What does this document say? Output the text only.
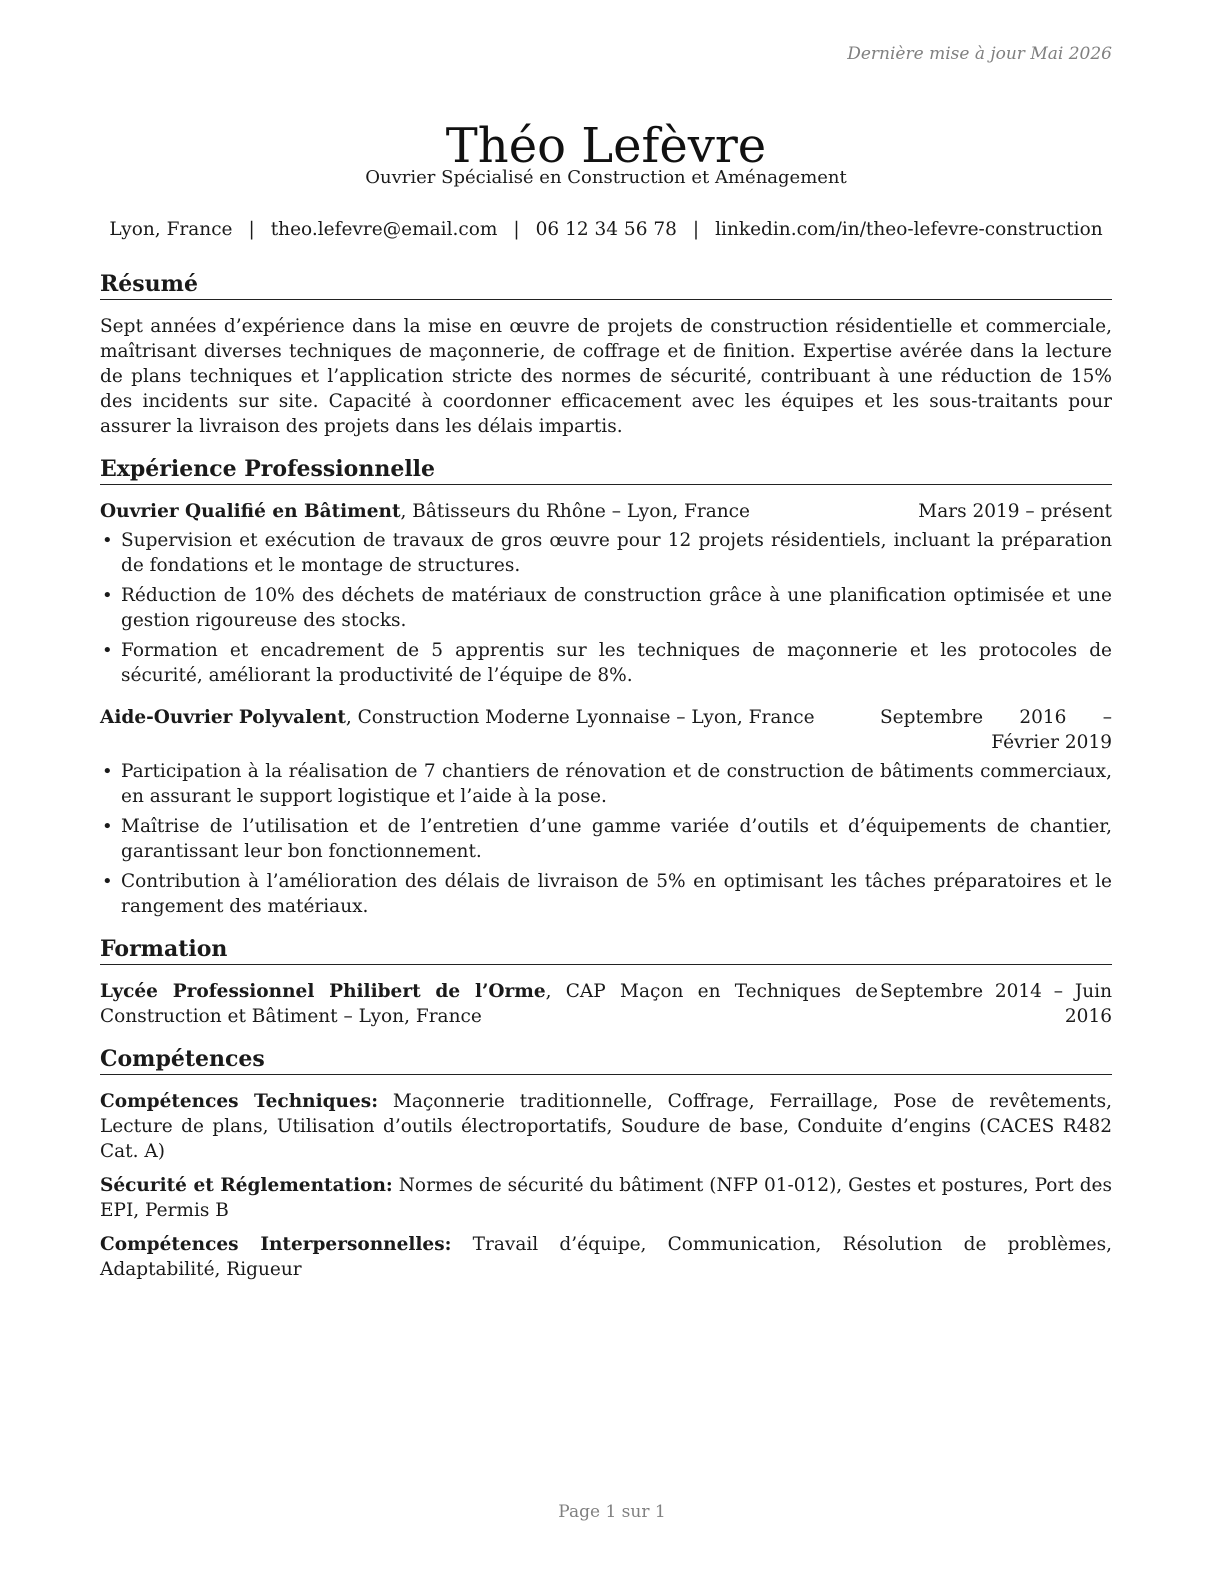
Dernière mise à jour Mai 2026
Théo Lefèvre
Ouvrier Spécialisé en Construction et Aménagement
Lyon, France | theo.lefevre@email.com | 06 12 34 56 78 | linkedin.com/in/theo-lefevre-construction
Résumé

Sept années d’expérience dans la mise en œuvre de projets de construction résidentielle et commerciale, maîtrisant diverses techniques de maçonnerie, de coffrage et de finition. Expertise avérée dans la lecture de plans techniques et l’application stricte des normes de sécurité, contribuant à une réduction de 15% des incidents sur site. Capacité à coordonner efficacement avec les équipes et les sous-traitants pour assurer la livraison des projets dans les délais impartis.

Expérience Professionnelle
Ouvrier Qualifié en Bâtiment, Bâtisseurs du Rhône – Lyon, France	Mars 2019 – présent
• Supervision et exécution de travaux de gros œuvre pour 12 projets résidentiels, incluant la préparation de fondations et le montage de structures.
• Réduction de 10% des déchets de matériaux de construction grâce à une planification optimisée et une gestion rigoureuse des stocks.
• Formation et encadrement de 5 apprentis sur les techniques de maçonnerie et les protocoles de sécurité, améliorant la productivité de l’équipe de 8%.
Aide-Ouvrier Polyvalent, Construction Moderne Lyonnaise – Lyon, France	Septembre 2016 – Février 2019
• Participation à la réalisation de 7 chantiers de rénovation et de construction de bâtiments commerciaux, en assurant le support logistique et l’aide à la pose.
• Maîtrise de l’utilisation et de l’entretien d’une gamme variée d’outils et d’équipements de chantier, garantissant leur bon fonctionnement.
• Contribution à l’amélioration des délais de livraison de 5% en optimisant les tâches préparatoires et le rangement des matériaux.
Formation
Lycée Professionnel Philibert de l’Orme, CAP Maçon en Techniques de Construction et Bâtiment – Lyon, France
Septembre 2014 – Juin 2016
Compétences
Compétences Techniques: Maçonnerie traditionnelle, Coffrage, Ferraillage, Pose de revêtements, Lecture de plans, Utilisation d’outils électroportatifs, Soudure de base, Conduite d’engins (CACES R482 Cat. A)
Sécurité et Réglementation: Normes de sécurité du bâtiment (NFP 01-012), Gestes et postures, Port des EPI, Permis B
Compétences Interpersonnelles: Travail d’équipe, Communication, Résolution de problèmes, Adaptabilité, Rigueur
Page 1 sur 1
